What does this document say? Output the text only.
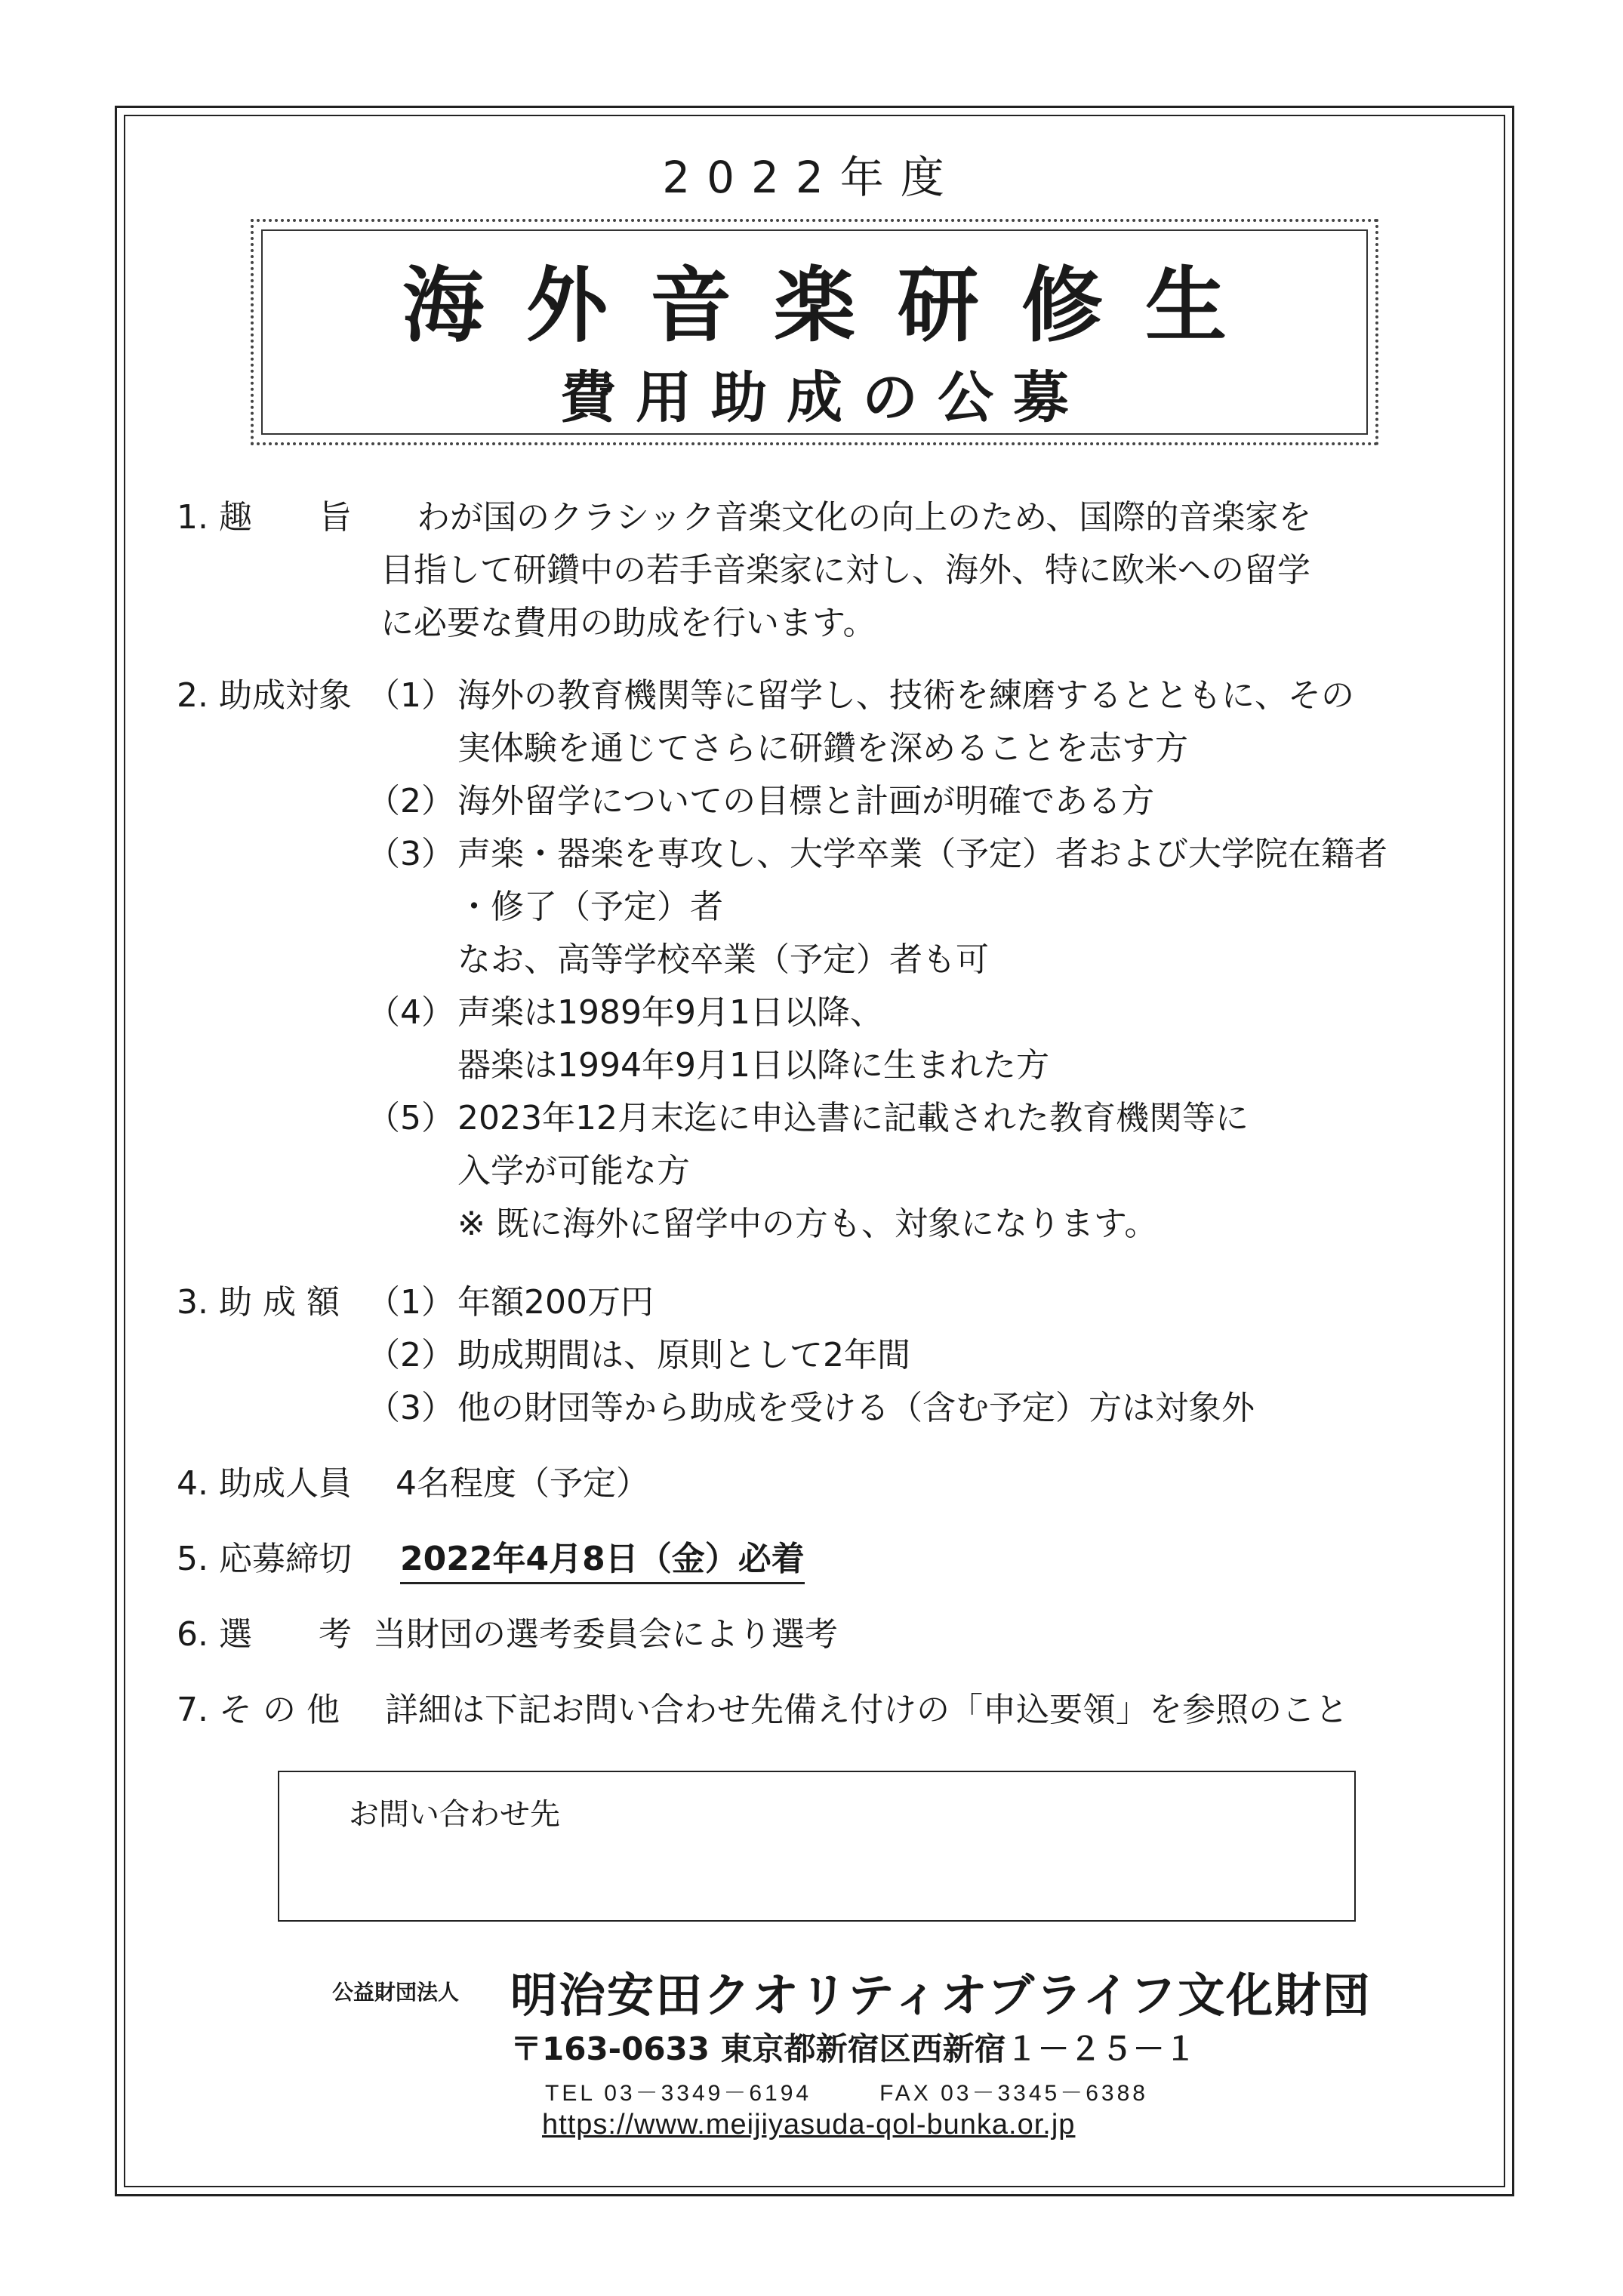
2022年度
海外音楽研修生
費用助成の公募
1. 趣　　旨 わが国のクラシック音楽文化の向上のため、国際的音楽家を
目指して研鑽中の若手音楽家に対し、海外、特に欧米への留学
に必要な費用の助成を行います。
2. 助成対象 （1） 海外の教育機関等に留学し、技術を練磨するとともに、その
実体験を通じてさらに研鑽を深めることを志す方
（2） 海外留学についての目標と計画が明確である方
（3） 声楽・器楽を専攻し、大学卒業（予定）者および大学院在籍者
・修了（予定）者
なお、高等学校卒業（予定）者も可
（4） 声楽は1989年9月1日以降、
器楽は1994年9月1日以降に生まれた方
（5） 2023年12月末迄に申込書に記載された教育機関等に
入学が可能な方
※ 既に海外に留学中の方も、対象になります。
3. 助 成 額 （1） 年額200万円
（2） 助成期間は、原則として2年間
（3） 他の財団等から助成を受ける（含む予定）方は対象外
4. 助成人員 4名程度（予定）
5. 応募締切 2022年4月8日（金）必着
6. 選　　考 当財団の選考委員会により選考
7. そ の 他 詳細は下記お問い合わせ先備え付けの「申込要領」を参照のこと
お問い合わせ先
公益財団法人 明治安田クオリティオブライフ文化財団
〒163-0633 東京都新宿区西新宿１－２５－１
TEL 03－3349－6194	FAX 03－3345－6388
https://www.meijiyasuda-qol-bunka.or.jp
